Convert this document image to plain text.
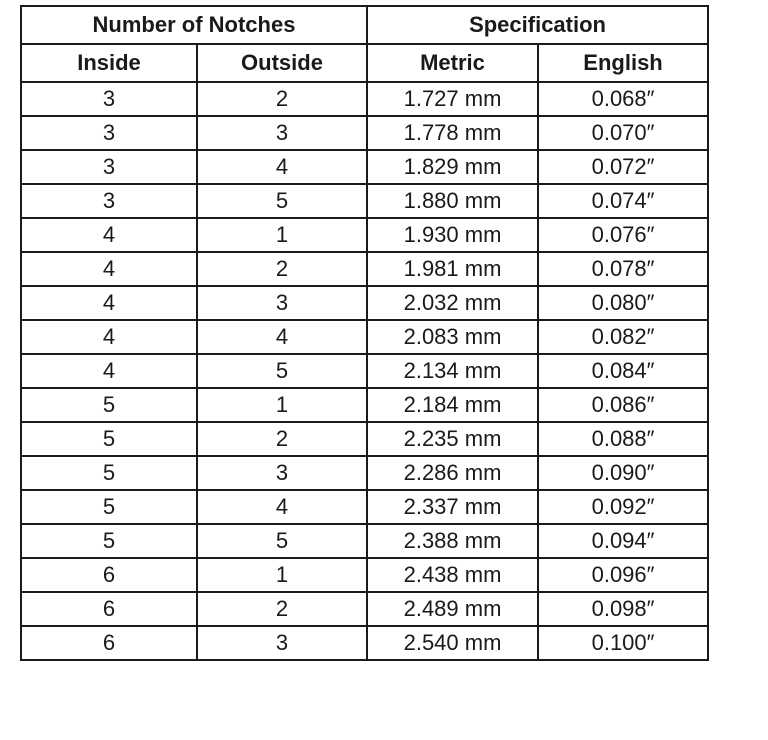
Number of Notches		Specification	
Inside	Outside	Metric	English
3	2	1.727 mm	0.068″
3	3	1.778 mm	0.070″
3	4	1.829 mm	0.072″
3	5	1.880 mm	0.074″
4	1	1.930 mm	0.076″
4	2	1.981 mm	0.078″
4	3	2.032 mm	0.080″
4	4	2.083 mm	0.082″
4	5	2.134 mm	0.084″
5	1	2.184 mm	0.086″
5	2	2.235 mm	0.088″
5	3	2.286 mm	0.090″
5	4	2.337 mm	0.092″
5	5	2.388 mm	0.094″
6	1	2.438 mm	0.096″
6	2	2.489 mm	0.098″
6	3	2.540 mm	0.100″
